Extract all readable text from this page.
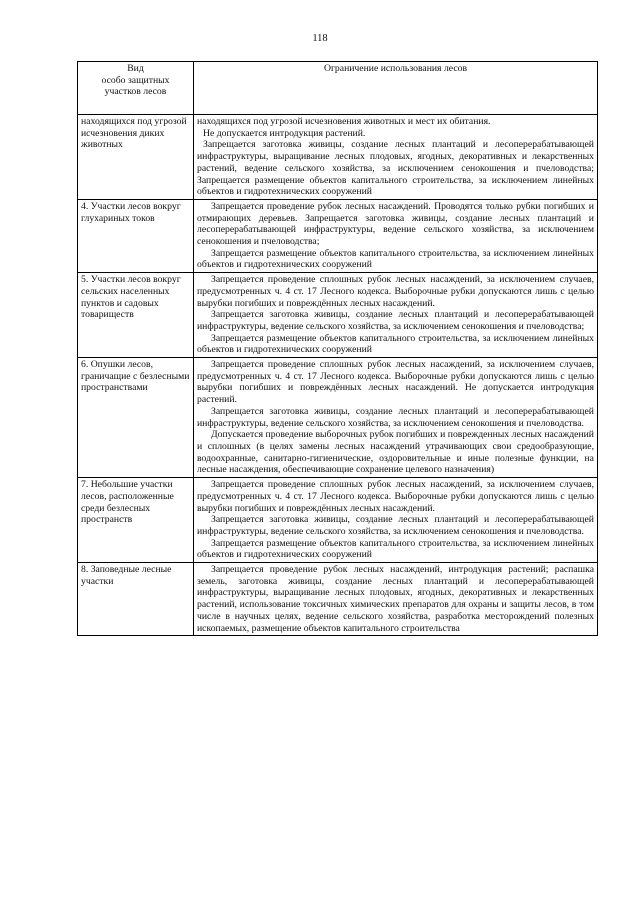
118
Вид
особо защитных
участков лесов	Ограничение использования лесов
находящихся под угрозой исчезновения диких животных	находящихся под угрозой исчезновения животных и мест их обитания.

Не допускается интродукция растений.

Запрещается заготовка живицы, создание лесных плантаций и лесоперерабатывающей инфраструктуры, выращивание лесных плодовых, ягодных, декоративных и лекарственных растений, ведение сельского хозяйства, за исключением сенокошения и пчеловодства; Запрещается размещение объектов капитального строительства, за исключением линейных объектов и гидротехнических сооружений

4. Участки лесов вокруг глухариных токов	Запрещается проведение рубок лесных насаждений. Проводятся только рубки погибших и отмирающих деревьев. Запрещается заготовка живицы, создание лесных плантаций и лесоперерабатывающей инфраструктуры, ведение сельского хозяйства, за исключением сенокошения и пчеловодства;

Запрещается размещение объектов капитального строительства, за исключением линейных объектов и гидротехнических сооружений

5. Участки лесов вокруг сельских населенных пунктов и садовых товариществ	Запрещается проведение сплошных рубок лесных насаждений, за исключением случаев, предусмотренных ч. 4 ст. 17 Лесного кодекса. Выборочные рубки допускаются лишь с целью вырубки погибших и повреждённых лесных насаждений.

Запрещается заготовка живицы, создание лесных плантаций и лесоперерабатывающей инфраструктуры, ведение сельского хозяйства, за исключением сенокошения и пчеловодства;

Запрещается размещение объектов капитального строительства, за исключением линейных объектов и гидротехнических сооружений

6. Опушки лесов, граничащие с безлесными пространствами	Запрещается проведение сплошных рубок лесных насаждений, за исключением случаев, предусмотренных ч. 4 ст. 17 Лесного кодекса. Выборочные рубки допускаются лишь с целью вырубки погибших и повреждённых лесных насаждений. Не допускается интродукция растений.

Запрещается заготовка живицы, создание лесных плантаций и лесоперерабатывающей инфраструктуры, ведение сельского хозяйства, за исключением сенокошения и пчеловодства.

Допускается проведение выборочных рубок погибших и поврежденных лесных насаждений и сплошных (в целях замены лесных насаждений утрачивающих свои средообразующие, водоохранные, санитарно-гигиенические, оздоровительные и иные полезные функции, на лесные насаждения, обеспечивающие сохранение целевого назначения)

7. Небольшие участки лесов, расположенные среди безлесных пространств	Запрещается проведение сплошных рубок лесных насаждений, за исключением случаев, предусмотренных ч. 4 ст. 17 Лесного кодекса. Выборочные рубки допускаются лишь с целью вырубки погибших и повреждённых лесных насаждений.

Запрещается заготовка живицы, создание лесных плантаций и лесоперерабатывающей инфраструктуры, ведение сельского хозяйства, за исключением сенокошения и пчеловодства.

Запрещается размещение объектов капитального строительства, за исключением линейных объектов и гидротехнических сооружений

8. Заповедные лесные участки	Запрещается проведение рубок лесных насаждений, интродукция растений; распашка земель, заготовка живицы, создание лесных плантаций и лесоперерабатывающей инфраструктуры, выращивание лесных плодовых, ягодных, декоративных и лекарственных растений, использование токсичных химических препаратов для охраны и защиты лесов, в том числе в научных целях, ведение сельского хозяйства, разработка месторождений полезных ископаемых, размещение объектов капитального строительства
